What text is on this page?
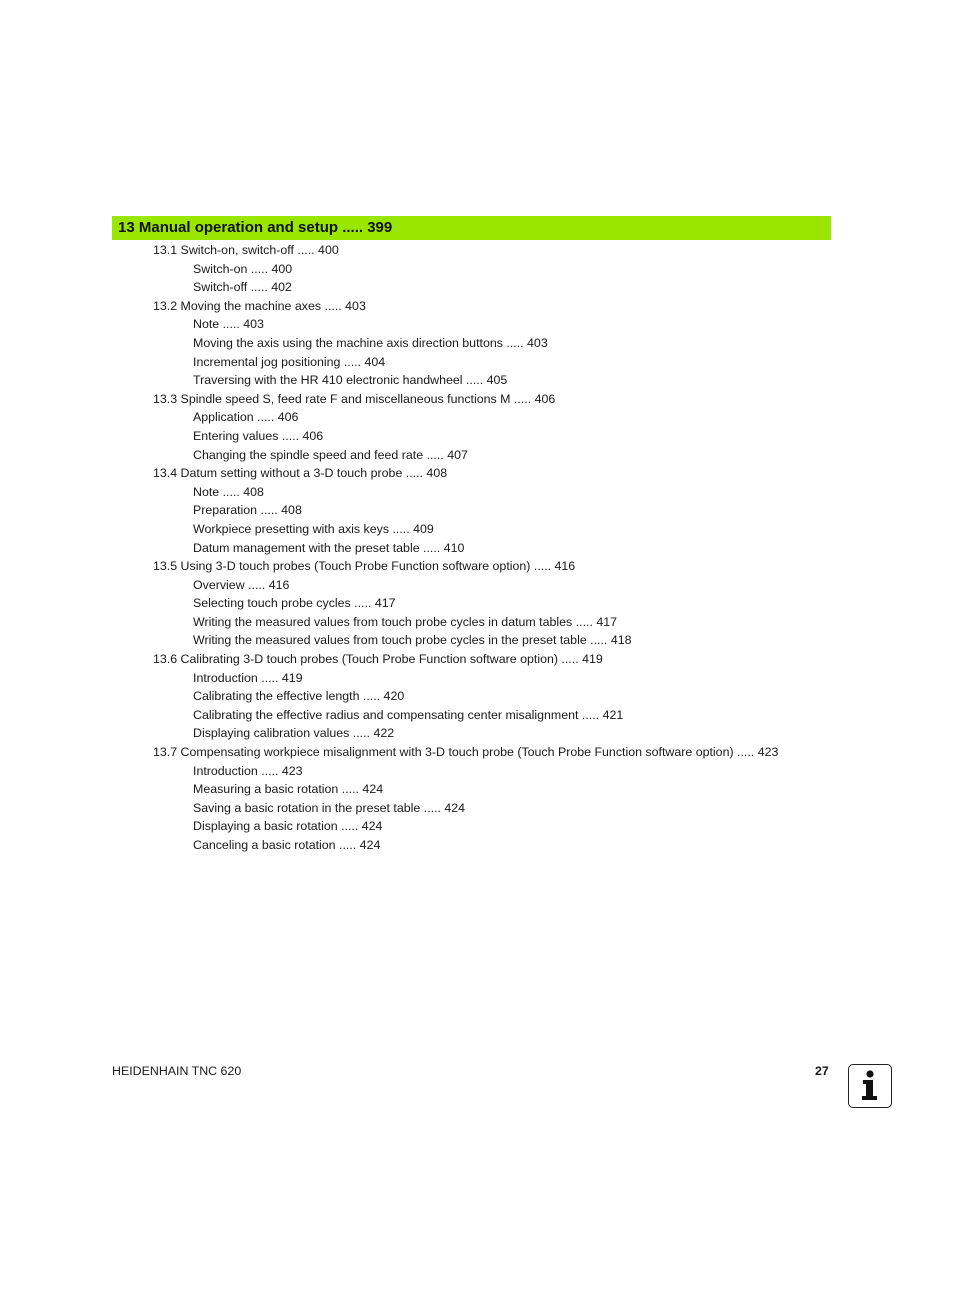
13 Manual operation and setup ..... 399
13.1 Switch-on, switch-off ..... 400
Switch-on ..... 400
Switch-off ..... 402
13.2 Moving the machine axes ..... 403
Note ..... 403
Moving the axis using the machine axis direction buttons ..... 403
Incremental jog positioning ..... 404
Traversing with the HR 410 electronic handwheel ..... 405
13.3 Spindle speed S, feed rate F and miscellaneous functions M ..... 406
Application ..... 406
Entering values ..... 406
Changing the spindle speed and feed rate ..... 407
13.4 Datum setting without a 3-D touch probe ..... 408
Note ..... 408
Preparation ..... 408
Workpiece presetting with axis keys ..... 409
Datum management with the preset table ..... 410
13.5 Using 3-D touch probes (Touch Probe Function software option) ..... 416
Overview ..... 416
Selecting touch probe cycles ..... 417
Writing the measured values from touch probe cycles in datum tables ..... 417
Writing the measured values from touch probe cycles in the preset table ..... 418
13.6 Calibrating 3-D touch probes (Touch Probe Function software option) ..... 419
Introduction ..... 419
Calibrating the effective length ..... 420
Calibrating the effective radius and compensating center misalignment ..... 421
Displaying calibration values ..... 422
13.7 Compensating workpiece misalignment with 3-D touch probe (Touch Probe Function software option) ..... 423
Introduction ..... 423
Measuring a basic rotation ..... 424
Saving a basic rotation in the preset table ..... 424
Displaying a basic rotation ..... 424
Canceling a basic rotation ..... 424
HEIDENHAIN TNC 620	27
